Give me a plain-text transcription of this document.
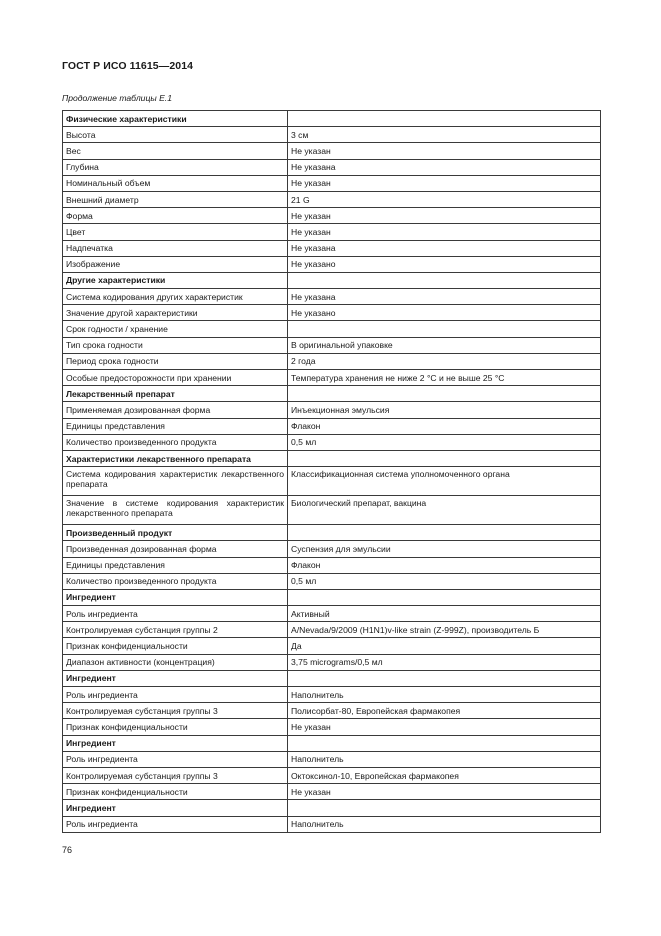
ГОСТ Р ИСО 11615—2014
Продолжение таблицы Е.1
Физические характеристики	
Высота	3 см
Вес	Не указан
Глубина	Не указана
Номинальный объем	Не указан
Внешний диаметр	21 G
Форма	Не указан
Цвет	Не указан
Надпечатка	Не указана
Изображение	Не указано
Другие характеристики	
Система кодирования других характеристик	Не указана
Значение другой характеристики	Не указано
Срок годности / хранение	
Тип срока годности	В оригинальной упаковке
Период срока годности	2 года
Особые предосторожности при хранении	Температура хранения не ниже 2 °С и не выше 25 °С
Лекарственный препарат	
Применяемая дозированная форма	Инъекционная эмульсия
Единицы представления	Флакон
Количество произведенного продукта	0,5 мл
Характеристики лекарственного препарата	
Система кодирования характеристик лекарственного препарата	Классификационная система уполномоченного органа
Значение в системе кодирования характеристик лекарственного препарата	Биологический препарат, вакцина
Произведенный продукт	
Произведенная дозированная форма	Суспензия для эмульсии
Единицы представления	Флакон
Количество произведенного продукта	0,5 мл
Ингредиент	
Роль ингредиента	Активный
Контролируемая субстанция группы 2	A/Nevada/9/2009 (H1N1)v-like strain (Z-999Z), производитель Б
Признак конфиденциальности	Да
Диапазон активности (концентрация)	3,75 micrograms/0,5 мл
Ингредиент	
Роль ингредиента	Наполнитель
Контролируемая субстанция группы 3	Полисорбат-80, Европейская фармакопея
Признак конфиденциальности	Не указан
Ингредиент	
Роль ингредиента	Наполнитель
Контролируемая субстанция группы 3	Октоксинол-10, Европейская фармакопея
Признак конфиденциальности	Не указан
Ингредиент	
Роль ингредиента	Наполнитель
76
